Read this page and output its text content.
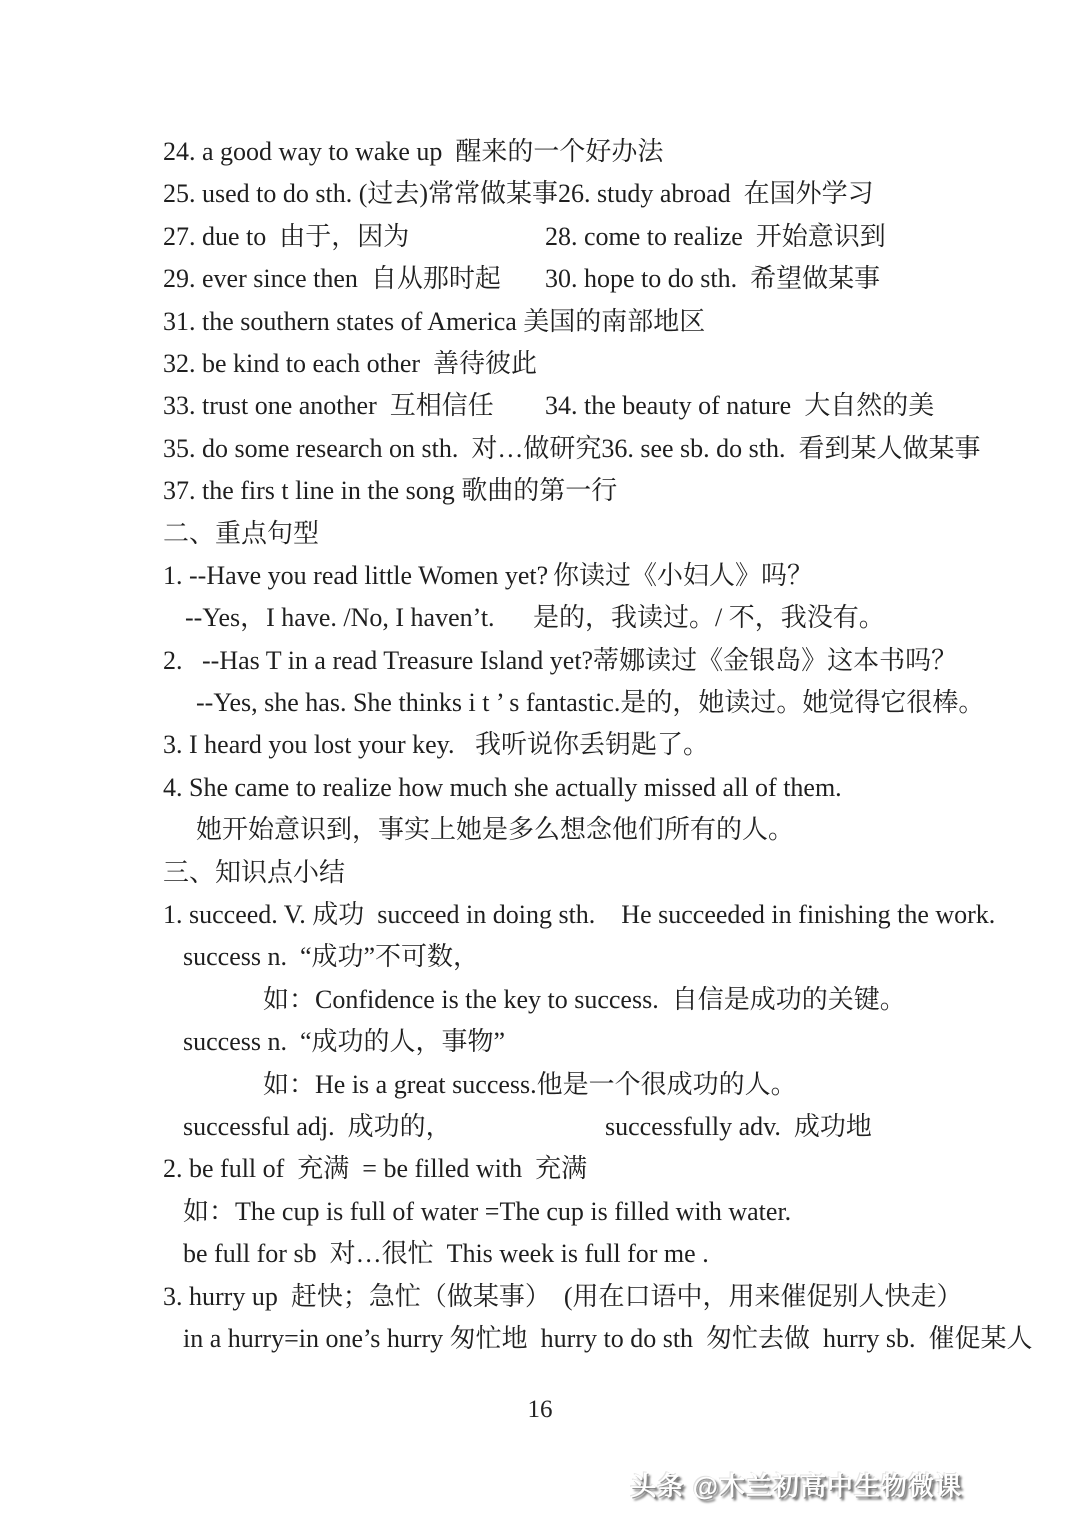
24. a good way to wake up  醒来的一个好办法
25. used to do sth. (过去)常常做某事26. study abroad  在国外学习
27. due to  由于，因为	28. come to realize  开始意识到
29. ever since then  自从那时起 30. hope to do sth.  希望做某事
31. the southern states of America 美国的南部地区
32. be kind to each other  善待彼此
33. trust one another  互相信任 34. the beauty of nature  大自然的美
35. do some research on sth.  对…做研究36. see sb. do sth.  看到某人做某事
37. the firs t line in the song 歌曲的第一行
二、重点句型
1. --Have you read little Women yet? 你读过《小妇人》吗？
--Yes，I have. /No, I haven’t. 是的，我读过。/ 不，我没有。
2.   --Has T in a read Treasure Island yet?蒂娜读过《金银岛》这本书吗？
--Yes, she has. She thinks i t ’ s fantastic.是的，她读过。她觉得它很棒。
3. I heard you lost your key. 我听说你丢钥匙了。
4. She came to realize how much she actually missed all of them.
她开始意识到，事实上她是多么想念他们所有的人。
三、知识点小结
1. succeed. V. 成功  succeed in doing sth.    He succeeded in finishing the work.
success n.  “成功”不可数，
如：Confidence is the key to success.  自信是成功的关键。
success n.  “成功的人，事物”
如：He is a great success.他是一个很成功的人。
successful adj.  成功的，	successfully adv.  成功地
2. be full of  充满  = be filled with  充满
如：The cup is full of water =The cup is filled with water.
be full for sb  对…很忙  This week is full for me .
3. hurry up  赶快；急忙（做某事）  (用在口语中，用来催促别人快走）
in a hurry=in one’s hurry 匆忙地  hurry to do sth  匆忙去做  hurry sb.  催促某人
16
头条 @木兰初高中生物微课
